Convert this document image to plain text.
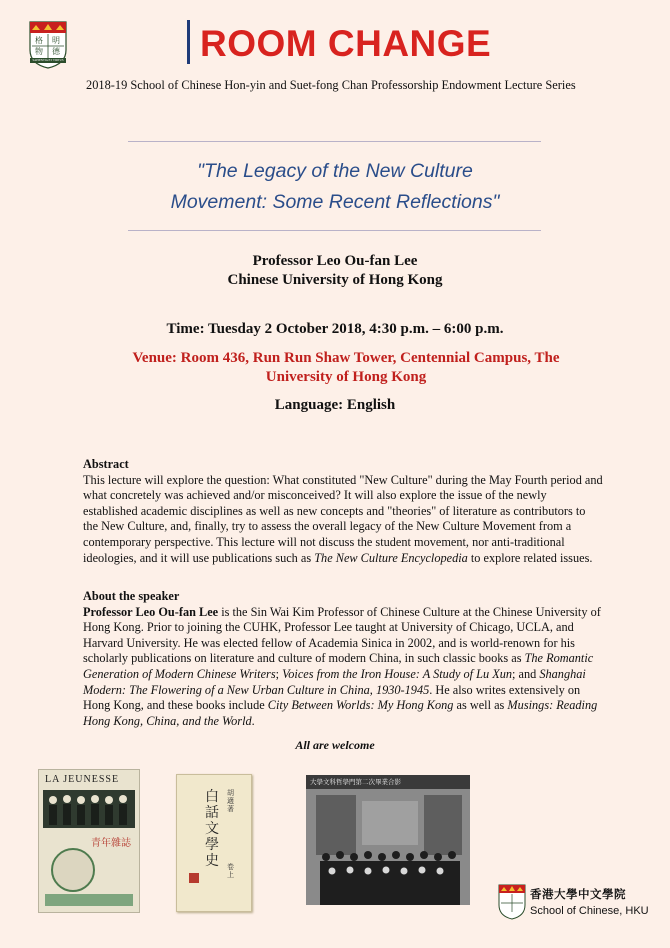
明
德
格
物
SAPIENTIA ET VIRTUS	ROOM CHANGE
2018-19 School of Chinese Hon-yin and Suet-fong Chan Professorship Endowment Lecture Series
"The Legacy of the New Culture
Movement: Some Recent Reflections"
Professor Leo Ou-fan Lee
Chinese University of Hong Kong
Time: Tuesday 2 October 2018, 4:30 p.m. – 6:00 p.m.
Venue: Room 436, Run Run Shaw Tower, Centennial Campus, The
University of Hong Kong
Language: English
Abstract
This lecture will explore the question: What constituted "New Culture" during the May Fourth period and what concretely was achieved and/or misconceived? It will also explore the issue of the newly established academic disciplines as well as new concepts and "theories" of literature as contributors to the New Culture, and, finally, try to assess the overall legacy of the New Culture Movement from a contemporary perspective. This lecture will not discuss the student movement, nor anti-traditional ideologies, and it will use publications such as The New Culture Encyclopedia to explore related issues.
About the speaker
Professor Leo Ou-fan Lee is the Sin Wai Kim Professor of Chinese Culture at the Chinese University of Hong Kong. Prior to joining the CUHK, Professor Lee taught at University of Chicago, UCLA, and Harvard University. He was elected fellow of Academia Sinica in 2002, and is world-renown for his scholarly publications on literature and culture of modern China, in such classic books as The Romantic Generation of Modern Chinese Writers; Voices from the Iron House: A Study of Lu Xun; and Shanghai Modern: The Flowering of a New Urban Culture in China, 1930-1945. He also writes extensively on Hong Kong, and these books include City Between Worlds: My Hong Kong as well as Musings: Reading Hong Kong, China, and the World.
All are welcome
LA JEUNESSE
青年雜誌
白話文學史
胡適著
卷上
大學文科哲學門第二次畢業合影
香港大學中文學院
School of Chinese, HKU
